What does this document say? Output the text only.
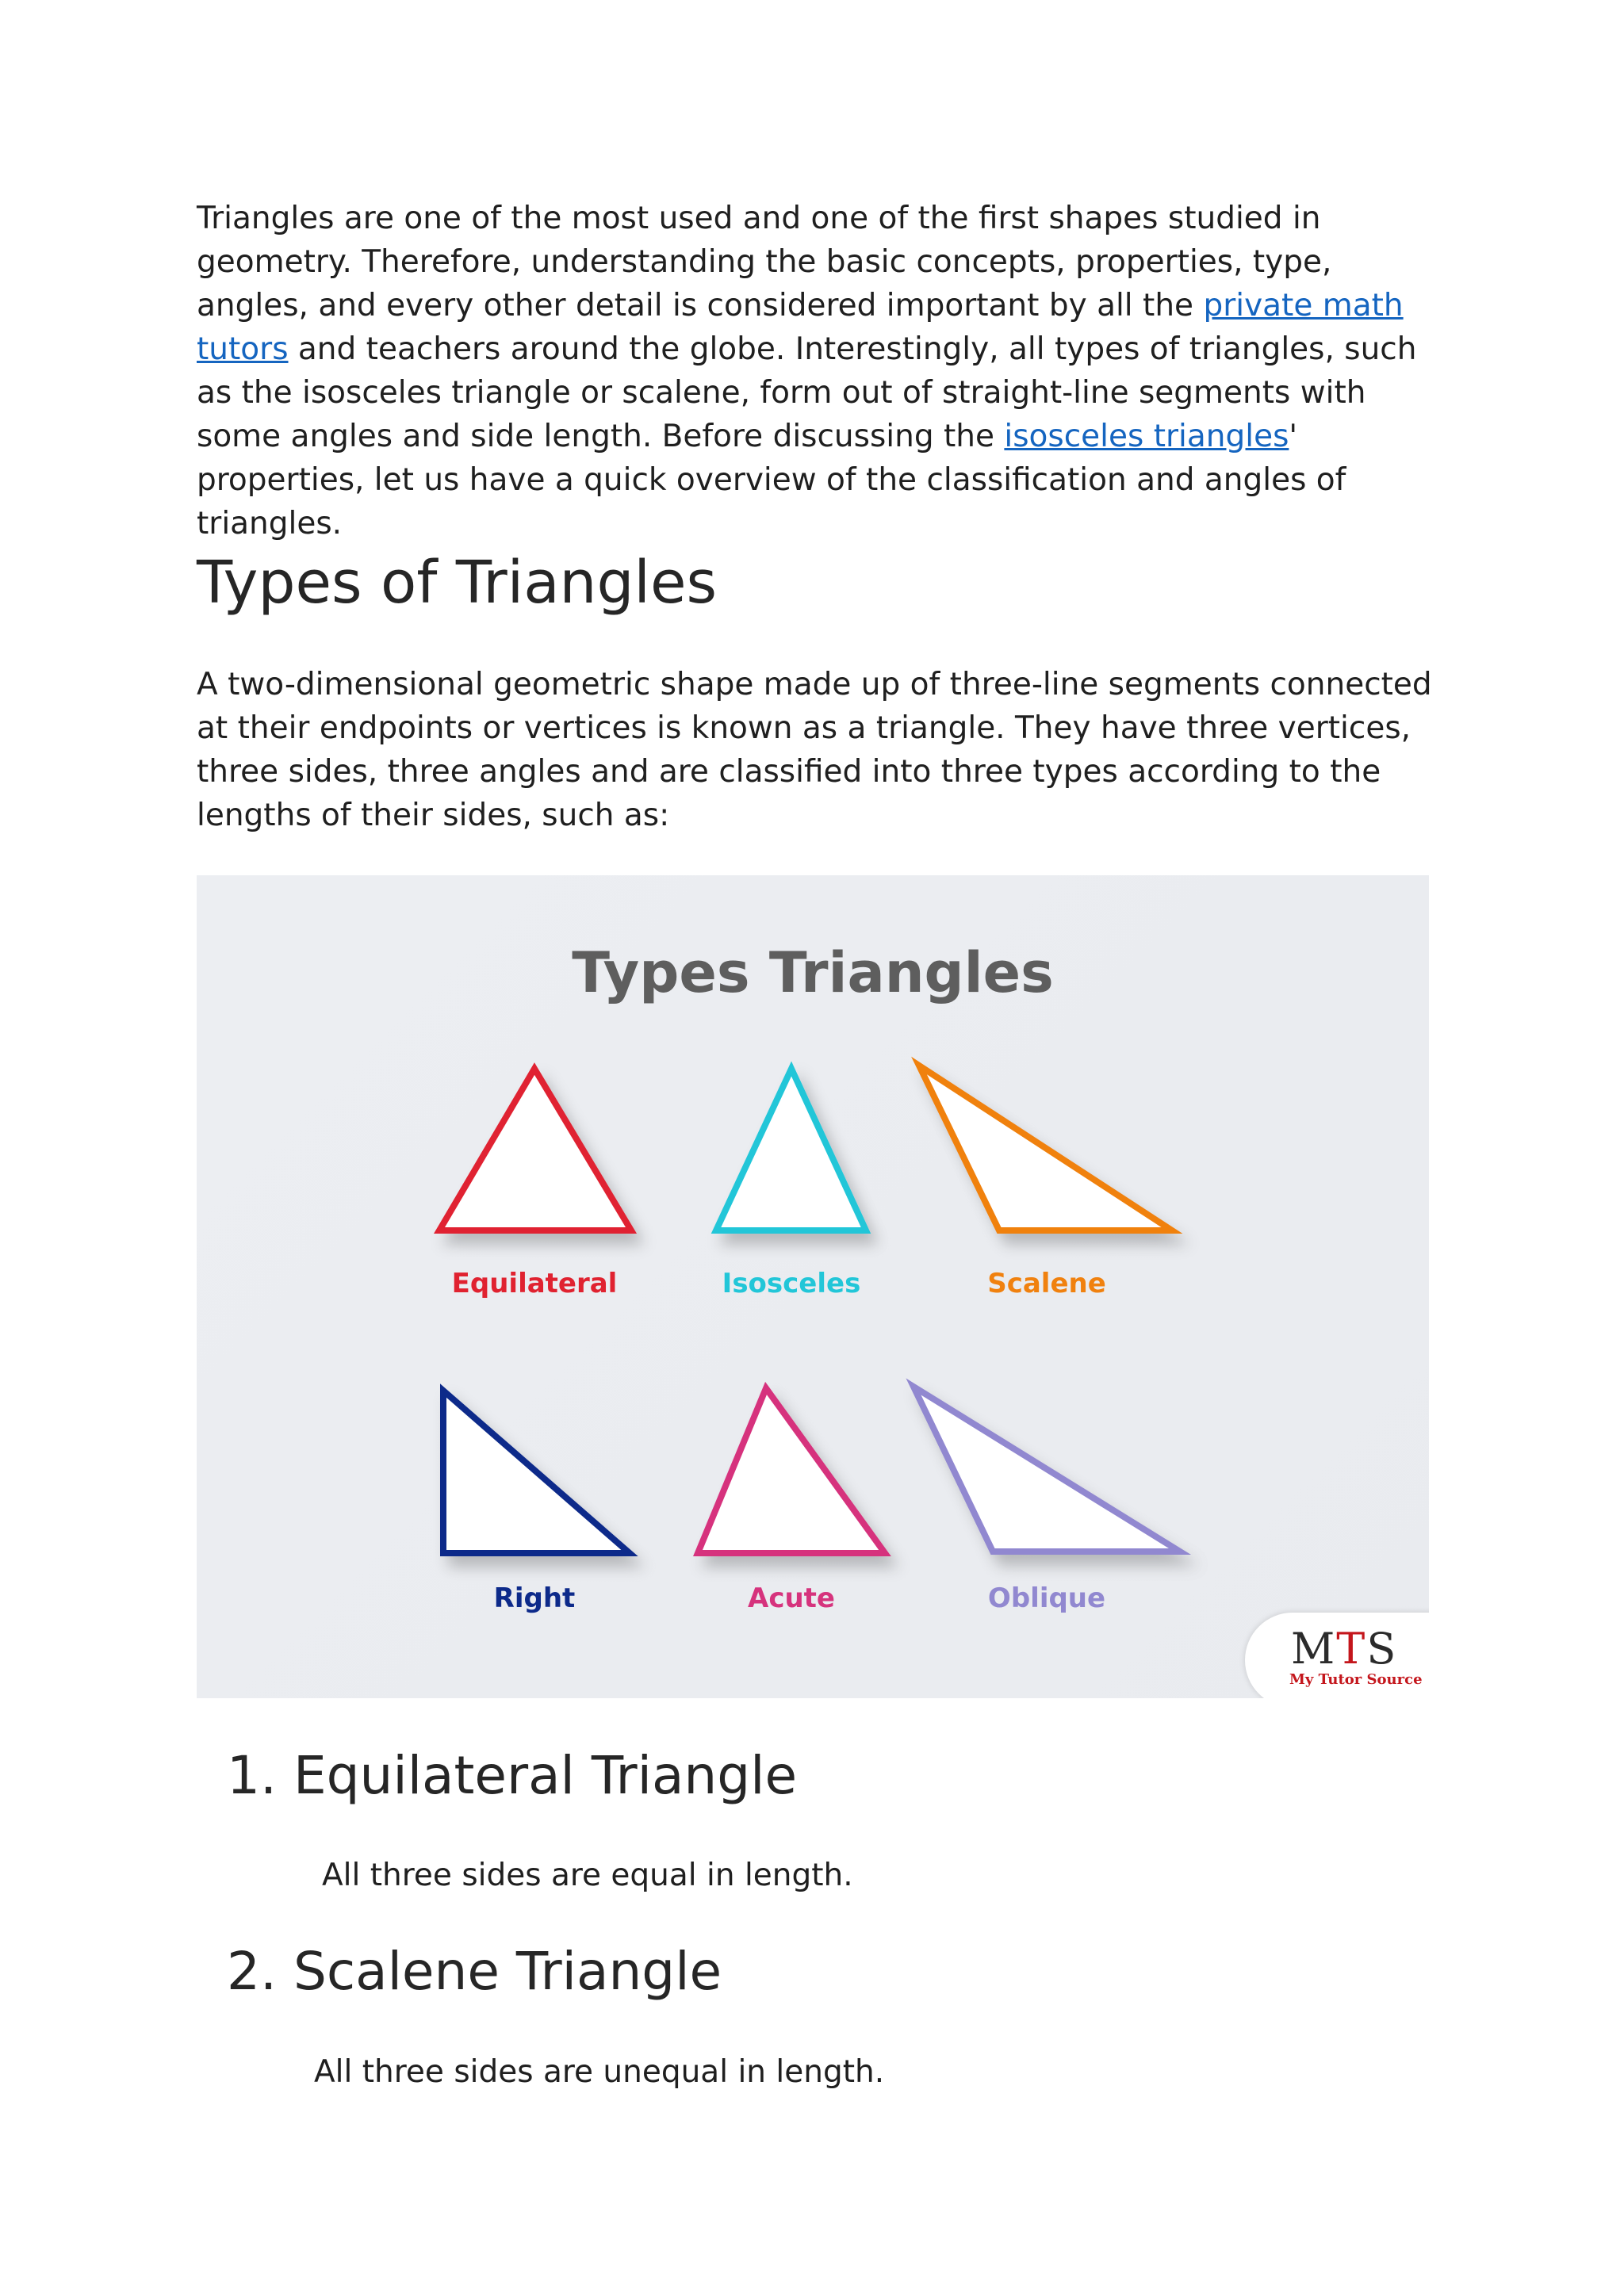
Triangles are one of the most used and one of the first shapes studied in geometry. Therefore, understanding the basic concepts, properties, type, angles, and every other detail is considered important by all the private math tutors and teachers around the globe. Interestingly, all types of triangles, such as the isosceles triangle or scalene, form out of straight-line segments with some angles and side length. Before discussing the isosceles triangles' properties, let us have a quick overview of the classification and angles of triangles.

Types of Triangles

A two-dimensional geometric shape made up of three-line segments connected at their endpoints or vertices is known as a triangle. They have three vertices, three sides, three angles and are classified into three types according to the lengths of their sides, such as:

Types Triangles
Equilateral	Isosceles	Scalene
Right	Acute	Oblique
MTS
My Tutor Source
1. Equilateral Triangle

All three sides are equal in length.

2. Scalene Triangle

All three sides are unequal in length.
